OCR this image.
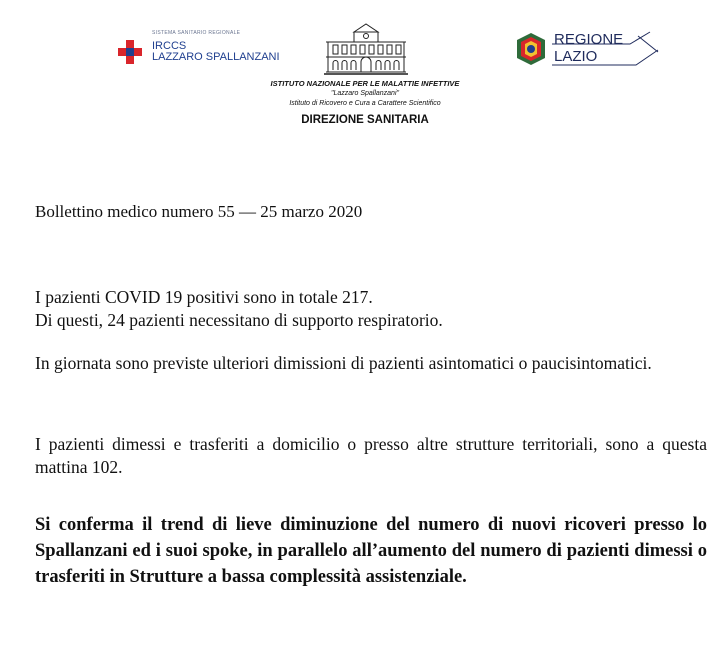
SISTEMA SANITARIO REGIONALE
IRCCS
LAZZARO SPALLANZANI
ISTITUTO NAZIONALE PER LE MALATTIE INFETTIVE
"Lazzaro Spallanzani"
Istituto di Ricovero e Cura a Carattere Scientifico
DIREZIONE SANITARIA
REGIONE
LAZIO
Bollettino medico numero 55 — 25 marzo 2020
I pazienti COVID 19 positivi sono in totale 217.
Di questi, 24 pazienti necessitano di supporto respiratorio.
In giornata sono previste ulteriori dimissioni di pazienti asintomatici o paucisintomatici.
I pazienti dimessi e trasferiti a domicilio o presso altre strutture territoriali, sono a questa mattina 102.
Si conferma il trend di lieve diminuzione del numero di nuovi ricoveri presso lo Spallanzani ed i suoi spoke, in parallelo all’aumento del numero di pazienti dimessi o trasferiti in Strutture a bassa complessità assistenziale.
